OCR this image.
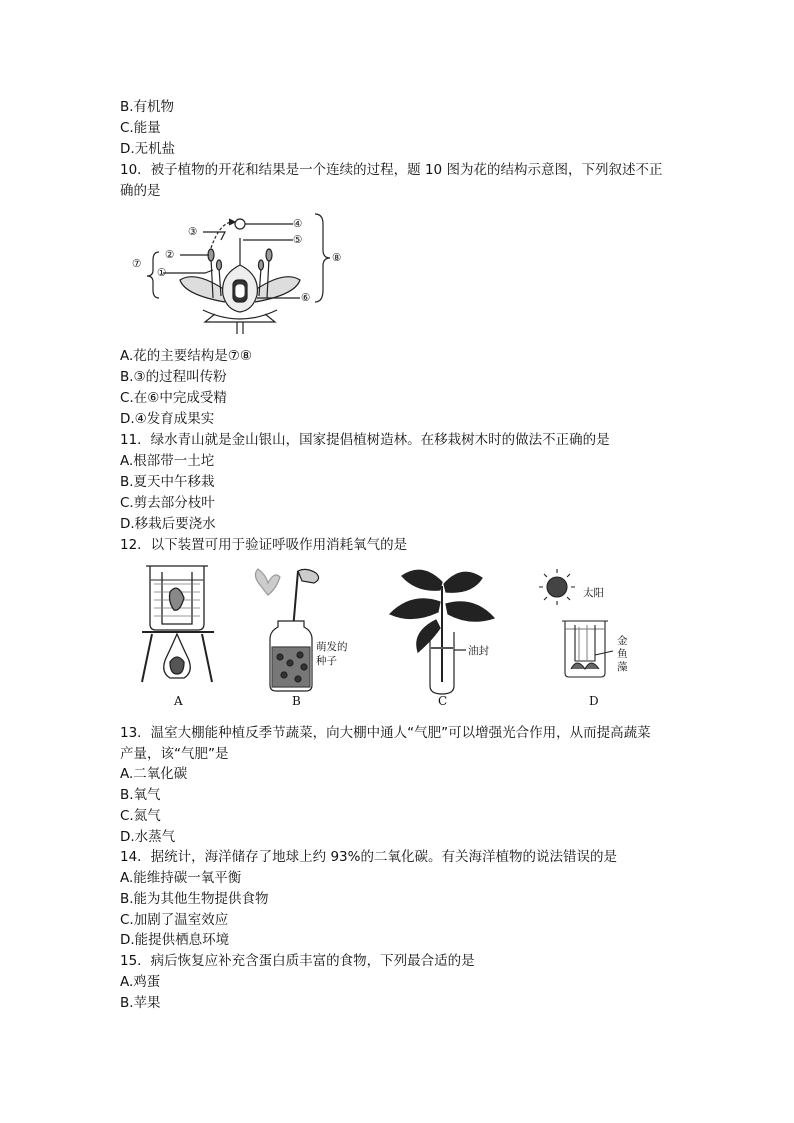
B.有机物
C.能量
D.无机盐
10．被子植物的开花和结果是一个连续的过程，题 10 图为花的结构示意图，下列叙述不正
确的是
③
②
⑦
①
④
⑤
⑧
⑥
A.花的主要结构是⑦⑧
B.③的过程叫传粉
C.在⑥中完成受精
D.④发育成果实
11．绿水青山就是金山银山，国家提倡植树造林。在移栽树木时的做法不正确的是
A.根部带一土坨
B.夏天中午移栽
C.剪去部分枝叶
D.移栽后要浇水
12．以下装置可用于验证呼吸作用消耗氧气的是
A
萌发的
种子
B
油封
C
太阳
金
鱼
藻
D
13．温室大棚能种植反季节蔬菜，向大棚中通人“气肥”可以增强光合作用，从而提高蔬菜
产量，该“气肥”是
A.二氧化碳
B.氧气
C.氮气
D.水蒸气
14．据统计，海洋储存了地球上约 93%的二氧化碳。有关海洋植物的说法错误的是
A.能维持碳一氧平衡
B.能为其他生物提供食物
C.加剧了温室效应
D.能提供栖息环境
15．病后恢复应补充含蛋白质丰富的食物，下列最合适的是
A.鸡蛋
B.苹果
